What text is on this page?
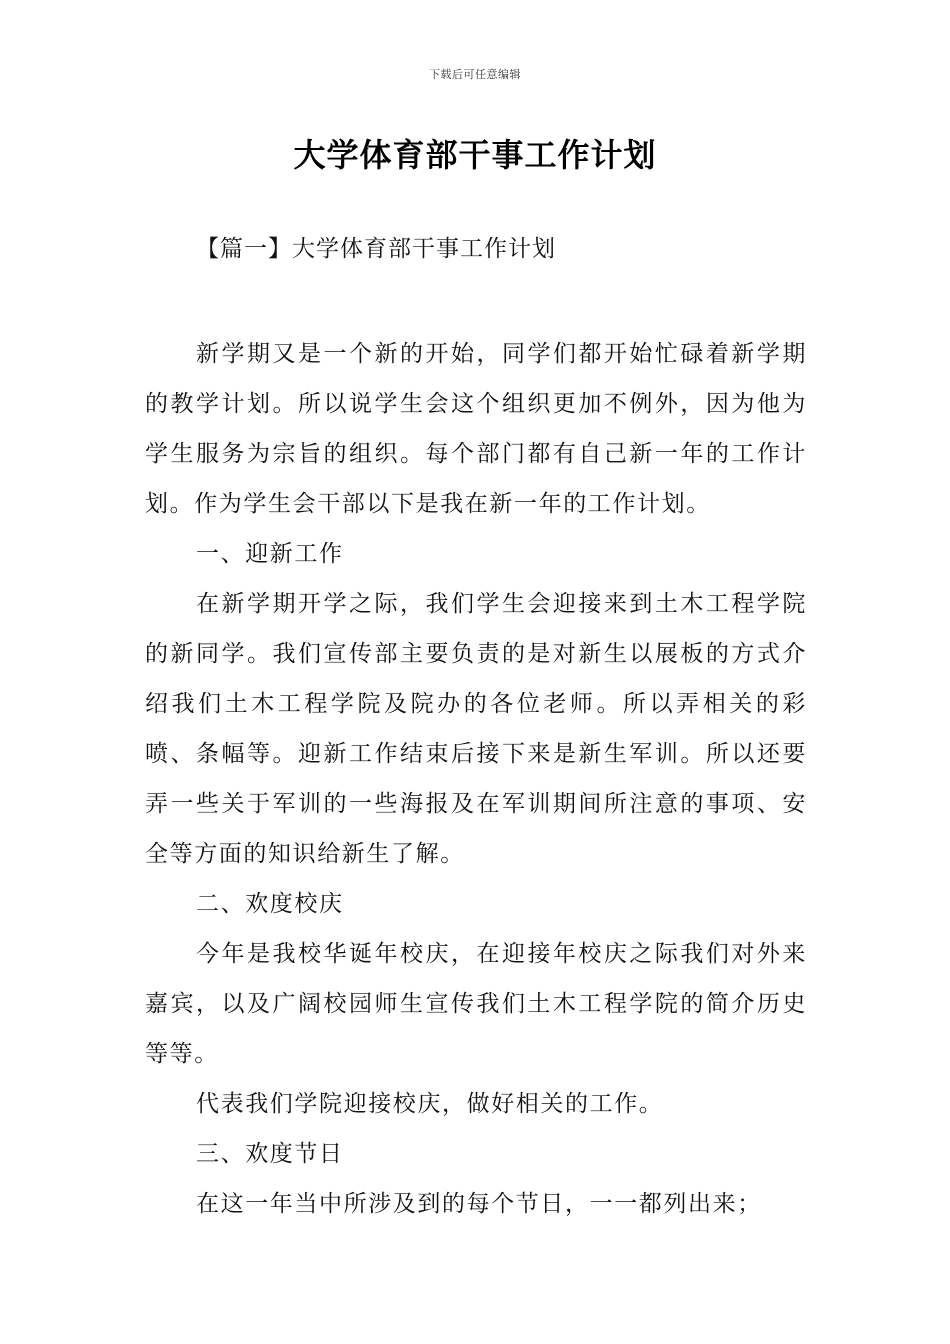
下载后可任意编辑
大学体育部干事工作计划
【篇一】大学体育部干事工作计划

新学期又是一个新的开始，同学们都开始忙碌着新学期的教学计划。所以说学生会这个组织更加不例外，因为他为学生服务为宗旨的组织。每个部门都有自己新一年的工作计划。作为学生会干部以下是我在新一年的工作计划。

一、迎新工作

在新学期开学之际，我们学生会迎接来到土木工程学院的新同学。我们宣传部主要负责的是对新生以展板的方式介绍我们土木工程学院及院办的各位老师。所以弄相关的彩喷、条幅等。迎新工作结束后接下来是新生军训。所以还要弄一些关于军训的一些海报及在军训期间所注意的事项、安全等方面的知识给新生了解。

二、欢度校庆

今年是我校华诞年校庆，在迎接年校庆之际我们对外来嘉宾，以及广阔校园师生宣传我们土木工程学院的简介历史等等。

代表我们学院迎接校庆，做好相关的工作。

三、欢度节日

在这一年当中所涉及到的每个节日，一一都列出来；
